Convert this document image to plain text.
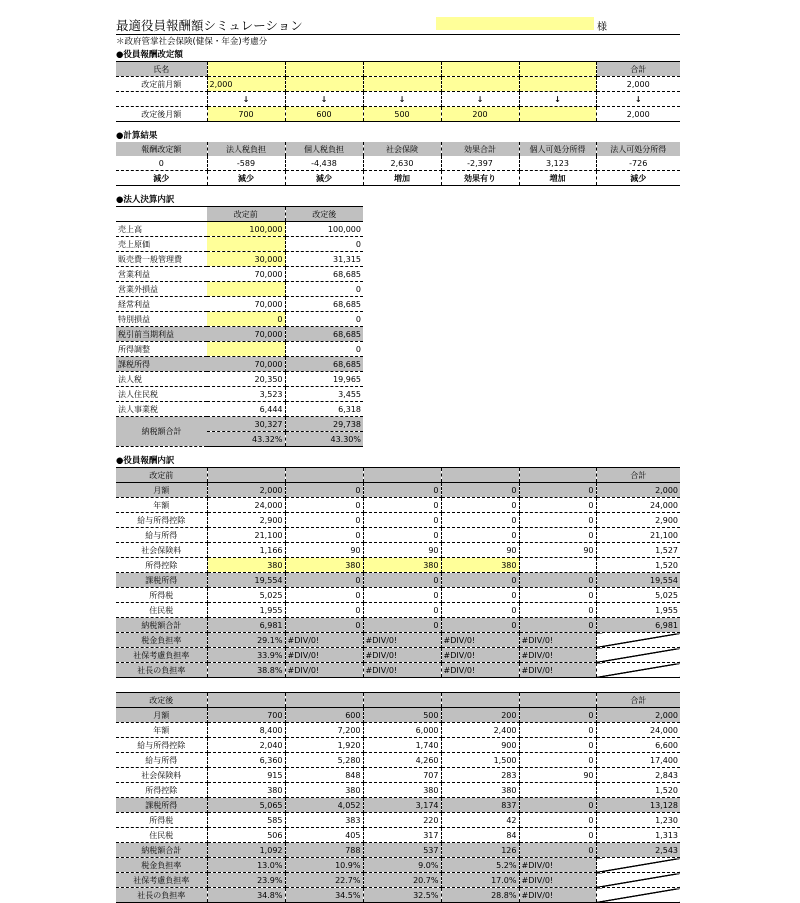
最適役員報酬額シミュレーション	様
＊政府管掌社会保険(健保・年金)考慮分
●役員報酬改定額
氏名						合計
改定前月額	2,000					2,000
	↓	↓	↓	↓	↓	↓
改定後月額	700	600	500	200		2,000
●計算結果
報酬改定額	法人税負担	個人税負担	社会保険	効果合計	個人可処分所得	法人可処分所得
0	-589	-4,438	2,630	-2,397	3,123	-726
減少	減少	減少	増加	効果有り	増加	減少
●法人決算内訳
	改定前	改定後
売上高	100,000	100,000
売上原価		0
販売費一般管理費	30,000	31,315
営業利益	70,000	68,685
営業外損益		0
経常利益	70,000	68,685
特別損益	0	0
税引前当期利益	70,000	68,685
所得調整		0
課税所得	70,000	68,685
法人税	20,350	19,965
法人住民税	3,523	3,455
法人事業税	6,444	6,318
納税額合計	30,327	29,738
	43.32%	43.30%
●役員報酬内訳
改定前						合計
月額	2,000	0	0	0	0	2,000
年額	24,000	0	0	0	0	24,000
給与所得控除	2,900	0	0	0	0	2,900
給与所得	21,100	0	0	0	0	21,100
社会保険料	1,166	90	90	90	90	1,527
所得控除	380	380	380	380		1,520
課税所得	19,554	0	0	0	0	19,554
所得税	5,025	0	0	0	0	5,025
住民税	1,955	0	0	0	0	1,955
納税額合計	6,981	0	0	0	0	6,981
税金負担率	29.1%	#DIV/0!	#DIV/0!	#DIV/0!	#DIV/0!	
社保考慮負担率	33.9%	#DIV/0!	#DIV/0!	#DIV/0!	#DIV/0!	
社長の負担率	38.8%	#DIV/0!	#DIV/0!	#DIV/0!	#DIV/0!	
改定後						合計
月額	700	600	500	200	0	2,000
年額	8,400	7,200	6,000	2,400	0	24,000
給与所得控除	2,040	1,920	1,740	900	0	6,600
給与所得	6,360	5,280	4,260	1,500	0	17,400
社会保険料	915	848	707	283	90	2,843
所得控除	380	380	380	380		1,520
課税所得	5,065	4,052	3,174	837	0	13,128
所得税	585	383	220	42	0	1,230
住民税	506	405	317	84	0	1,313
納税額合計	1,092	788	537	126	0	2,543
税金負担率	13.0%	10.9%	9.0%	5.2%	#DIV/0!	
社保考慮負担率	23.9%	22.7%	20.7%	17.0%	#DIV/0!	
社長の負担率	34.8%	34.5%	32.5%	28.8%	#DIV/0!	
